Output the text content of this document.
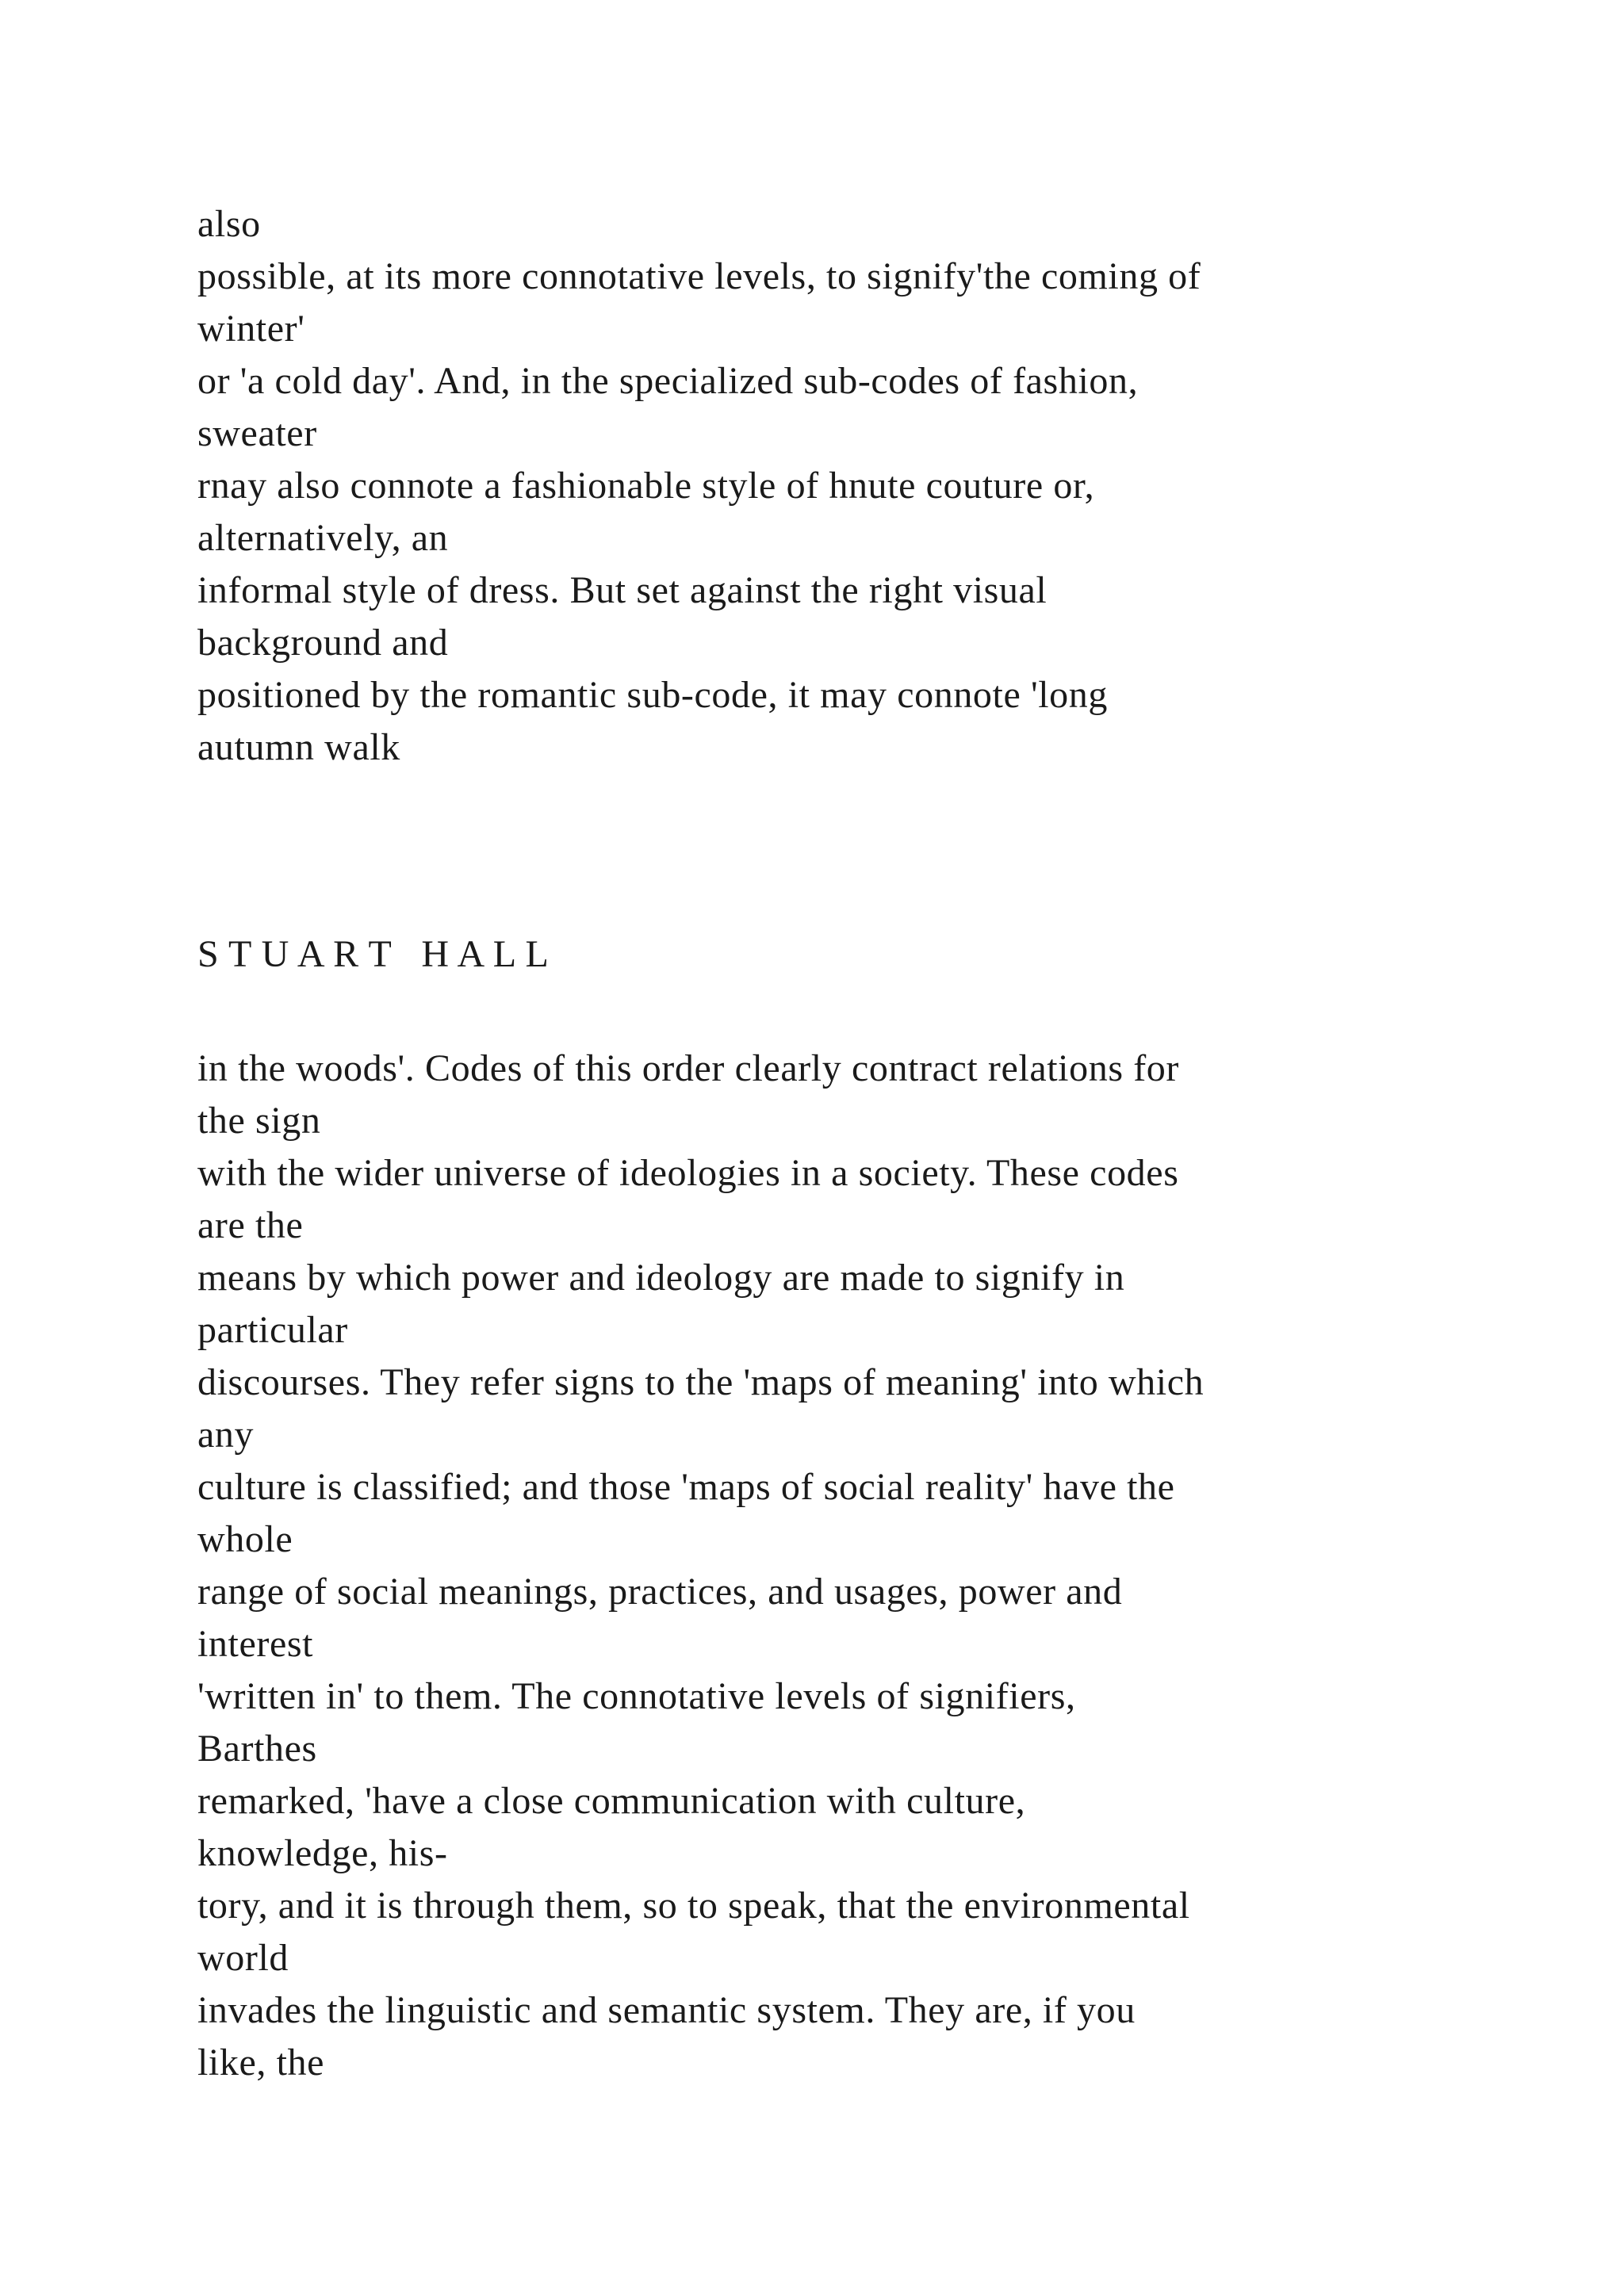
also
possible, at its more connotative levels, to signify'the coming of
winter'
or 'a cold day'. And, in the specialized sub-codes of fashion,
sweater
rnay also connote a fashionable style of hnute couture or,
alternatively, an
informal style of dress. But set against the right visual
background and
positioned by the romantic sub-code, it may connote 'long
autumn walk
S T U A R T   H A L L
in the woods'. Codes of this order clearly contract relations for
the sign
with the wider universe of ideologies in a society. These codes
are the
means by which power and ideology are made to signify in
particular
discourses. They refer signs to the 'maps of meaning' into which
any
culture is classified; and those 'maps of social reality' have the
whole
range of social meanings, practices, and usages, power and
interest
'written in' to them. The connotative levels of signifiers,
Barthes
remarked, 'have a close communication with culture,
knowledge, his-
tory, and it is through them, so to speak, that the environmental
world
invades the linguistic and semantic system. They are, if you
like, the
